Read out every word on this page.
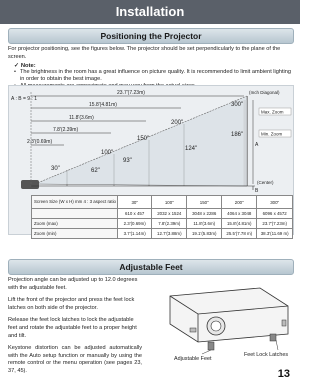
Installation
Positioning the Projector
For projector positioning, see the figures below. The projector should be set perpendicularly to the plane of the screen.
✓ Note:
• The brightness in the room has a great influence on picture quality. It is recommended to limit ambient lighting in order to obtain the best image.
•
A : B = 9 : 1
(Inch Diagonal)
23.7'(7.23m)
15.8'(4.81m)
11.8'(3.6m)
7.8'(2.39m)
2.3'(0.69m)
300"
200"
150"
100"
30"
186"
124"
93"
62"
Max. Zoom
Min. Zoom
A
(Center)
B
Screen Size (W x H) mm 4 : 3 aspect ratio	30"	100"	150"	200"	300"
	610 x 457	2032 x 1524	3048 x 2286	4064 x 3048	6096 x 4572
Zoom (max)	2.3'(0.69m)	7.8'(2.39m)	11.8'(3.6m)	15.8'(4.81m)	23.7'(7.23m)
Zoom (min)	3.7'(1.14m)	12.7'(3.88m)	19.1'(5.83m)	25.5'(7.78 m)	38.3'(11.69 m)
Adjustable Feet

Projection angle can be adjusted up to 12.0 degrees with the adjustable feet.

Lift the front of the projector and press the feet lock latches on both side of the projector.

Release the feet lock latches to lock the adjustable feet and rotate the adjustable feet to a proper height and tilt.

Keystone distortion can be adjusted automatically with the Auto setup function or manually by using the remote control or the menu operation (see pages 23, 37, 45).

Adjustable Feet
Feet Lock Latches
13
